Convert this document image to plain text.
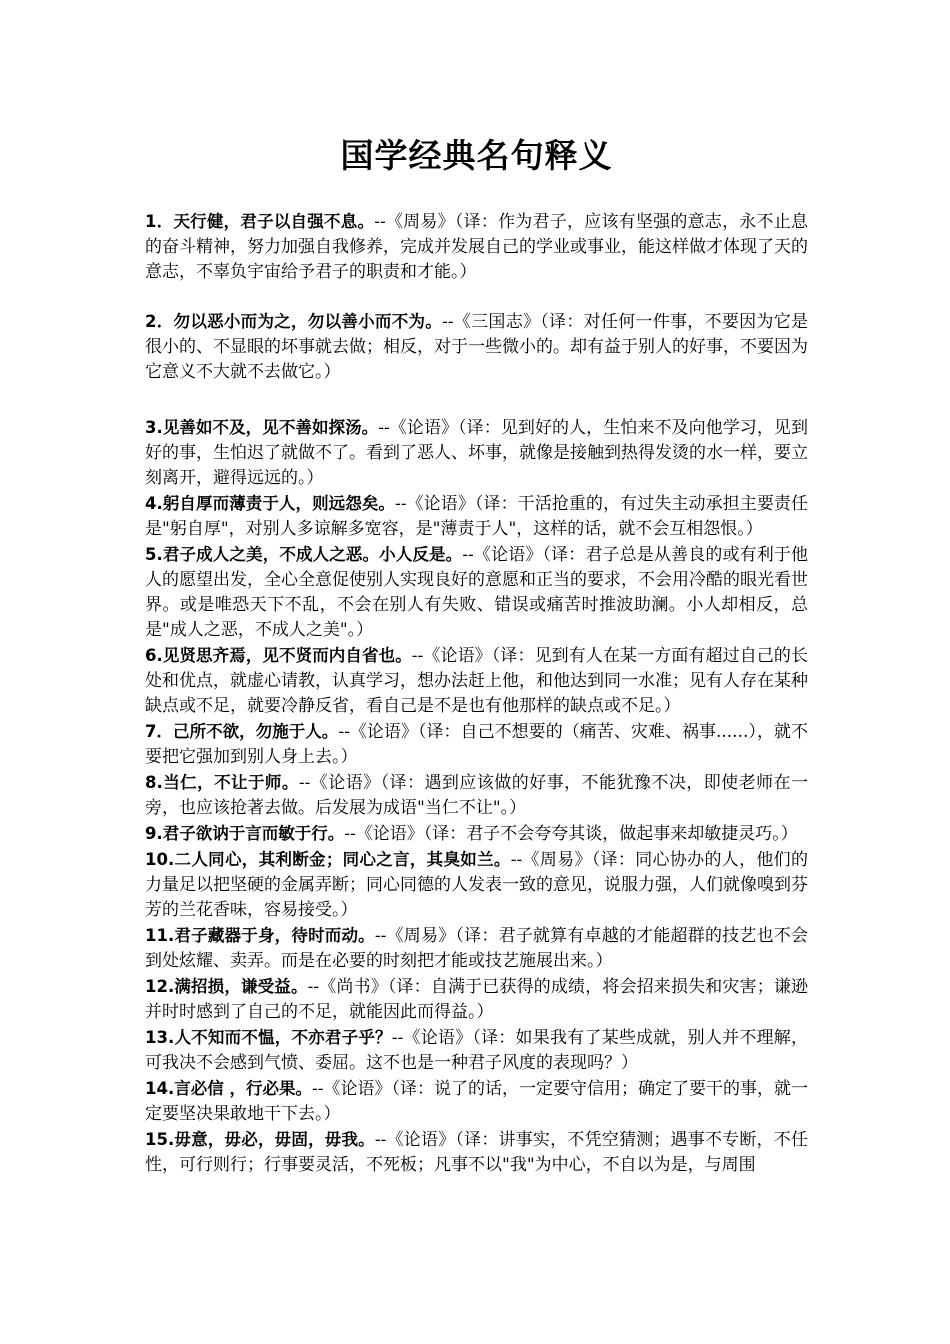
国学经典名句释义

1．天行健，君子以自强不息。--《周易》（译：作为君子，应该有坚强的意志，永不止息的奋斗精神，努力加强自我修养，完成并发展自己的学业或事业，能这样做才体现了天的意志，不辜负宇宙给予君子的职责和才能。）

2．勿以恶小而为之，勿以善小而不为。--《三国志》（译：对任何一件事，不要因为它是很小的、不显眼的坏事就去做；相反，对于一些微小的。却有益于别人的好事，不要因为它意义不大就不去做它。）

3.见善如不及，见不善如探汤。--《论语》（译：见到好的人，生怕来不及向他学习，见到好的事，生怕迟了就做不了。看到了恶人、坏事，就像是接触到热得发烫的水一样，要立刻离开，避得远远的。）

4.躬自厚而薄责于人，则远怨矣。--《论语》（译：干活抢重的，有过失主动承担主要责任是"躬自厚"，对别人多谅解多宽容，是"薄责于人"，这样的话，就不会互相怨恨。）

5.君子成人之美，不成人之恶。小人反是。--《论语》（译：君子总是从善良的或有利于他人的愿望出发，全心全意促使别人实现良好的意愿和正当的要求，不会用冷酷的眼光看世界。或是唯恐天下不乱，不会在别人有失败、错误或痛苦时推波助澜。小人却相反，总是"成人之恶，不成人之美"。）

6.见贤思齐焉，见不贤而内自省也。--《论语》（译：见到有人在某一方面有超过自己的长处和优点，就虚心请教，认真学习，想办法赶上他，和他达到同一水准；见有人存在某种缺点或不足，就要冷静反省，看自己是不是也有他那样的缺点或不足。）

7．己所不欲，勿施于人。--《论语》（译：自己不想要的（痛苦、灾难、祸事......），就不要把它强加到别人身上去。）

8.当仁，不让于师。--《论语》（译：遇到应该做的好事，不能犹豫不决，即使老师在一旁，也应该抢著去做。后发展为成语"当仁不让"。）

9.君子欲讷于言而敏于行。--《论语》（译：君子不会夸夸其谈，做起事来却敏捷灵巧。）

10.二人同心，其利断金；同心之言，其臭如兰。--《周易》（译：同心协办的人，他们的力量足以把坚硬的金属弄断；同心同德的人发表一致的意见，说服力强，人们就像嗅到芬芳的兰花香味，容易接受。）

11.君子藏器于身，待时而动。--《周易》（译：君子就算有卓越的才能超群的技艺也不会到处炫耀、卖弄。而是在必要的时刻把才能或技艺施展出来。）

12.满招损，谦受益。--《尚书》（译：自满于已获得的成绩，将会招来损失和灾害；谦逊并时时感到了自己的不足，就能因此而得益。）

13.人不知而不愠，不亦君子乎？--《论语》（译：如果我有了某些成就，别人并不理解，可我决不会感到气愤、委屈。这不也是一种君子风度的表现吗？）

14.言必信 ，行必果。--《论语》（译：说了的话，一定要守信用；确定了要干的事，就一定要坚决果敢地干下去。）

15.毋意，毋必，毋固，毋我。--《论语》（译：讲事实，不凭空猜测；遇事不专断，不任性，可行则行；行事要灵活，不死板；凡事不以"我"为中心，不自以为是，与周围
